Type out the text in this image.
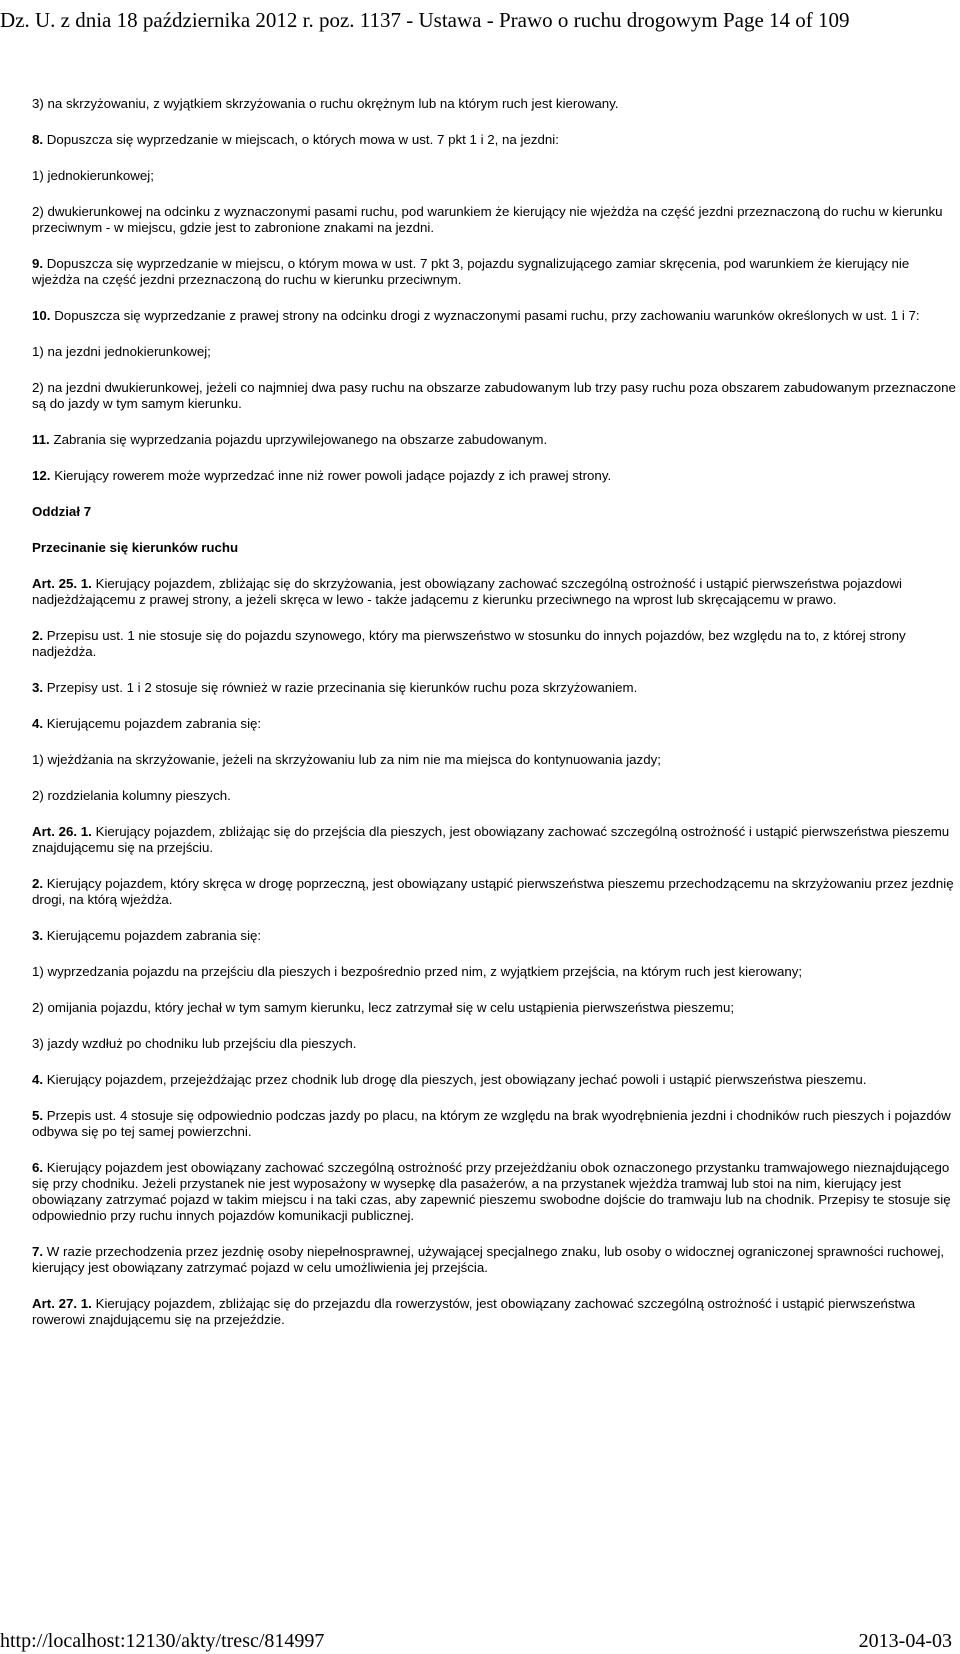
Dz. U. z dnia 18 października 2012 r. poz. 1137 - Ustawa - Prawo o ruchu drogowym Page 14 of 109
3) na skrzyżowaniu, z wyjątkiem skrzyżowania o ruchu okrężnym lub na którym ruch jest kierowany.
8. Dopuszcza się wyprzedzanie w miejscach, o których mowa w ust. 7 pkt 1 i 2, na jezdni:
1) jednokierunkowej;
2) dwukierunkowej na odcinku z wyznaczonymi pasami ruchu, pod warunkiem że kierujący nie wjeżdża na część jezdni przeznaczoną do ruchu w kierunku przeciwnym - w miejscu, gdzie jest to zabronione znakami na jezdni.
9. Dopuszcza się wyprzedzanie w miejscu, o którym mowa w ust. 7 pkt 3, pojazdu sygnalizującego zamiar skręcenia, pod warunkiem że kierujący nie wjeżdża na część jezdni przeznaczoną do ruchu w kierunku przeciwnym.
10. Dopuszcza się wyprzedzanie z prawej strony na odcinku drogi z wyznaczonymi pasami ruchu, przy zachowaniu warunków określonych w ust. 1 i 7:
1) na jezdni jednokierunkowej;
2) na jezdni dwukierunkowej, jeżeli co najmniej dwa pasy ruchu na obszarze zabudowanym lub trzy pasy ruchu poza obszarem zabudowanym przeznaczone są do jazdy w tym samym kierunku.
11. Zabrania się wyprzedzania pojazdu uprzywilejowanego na obszarze zabudowanym.
12. Kierujący rowerem może wyprzedzać inne niż rower powoli jadące pojazdy z ich prawej strony.
Oddział 7
Przecinanie się kierunków ruchu
Art. 25. 1. Kierujący pojazdem, zbliżając się do skrzyżowania, jest obowiązany zachować szczególną ostrożność i ustąpić pierwszeństwa pojazdowi nadjeżdżającemu z prawej strony, a jeżeli skręca w lewo - także jadącemu z kierunku przeciwnego na wprost lub skręcającemu w prawo.
2. Przepisu ust. 1 nie stosuje się do pojazdu szynowego, który ma pierwszeństwo w stosunku do innych pojazdów, bez względu na to, z której strony nadjeżdża.
3. Przepisy ust. 1 i 2 stosuje się również w razie przecinania się kierunków ruchu poza skrzyżowaniem.
4. Kierującemu pojazdem zabrania się:
1) wjeżdżania na skrzyżowanie, jeżeli na skrzyżowaniu lub za nim nie ma miejsca do kontynuowania jazdy;
2) rozdzielania kolumny pieszych.
Art. 26. 1. Kierujący pojazdem, zbliżając się do przejścia dla pieszych, jest obowiązany zachować szczególną ostrożność i ustąpić pierwszeństwa pieszemu znajdującemu się na przejściu.
2. Kierujący pojazdem, który skręca w drogę poprzeczną, jest obowiązany ustąpić pierwszeństwa pieszemu przechodzącemu na skrzyżowaniu przez jezdnię drogi, na którą wjeżdża.
3. Kierującemu pojazdem zabrania się:
1) wyprzedzania pojazdu na przejściu dla pieszych i bezpośrednio przed nim, z wyjątkiem przejścia, na którym ruch jest kierowany;
2) omijania pojazdu, który jechał w tym samym kierunku, lecz zatrzymał się w celu ustąpienia pierwszeństwa pieszemu;
3) jazdy wzdłuż po chodniku lub przejściu dla pieszych.
4. Kierujący pojazdem, przejeżdżając przez chodnik lub drogę dla pieszych, jest obowiązany jechać powoli i ustąpić pierwszeństwa pieszemu.
5. Przepis ust. 4 stosuje się odpowiednio podczas jazdy po placu, na którym ze względu na brak wyodrębnienia jezdni i chodników ruch pieszych i pojazdów odbywa się po tej samej powierzchni.
6. Kierujący pojazdem jest obowiązany zachować szczególną ostrożność przy przejeżdżaniu obok oznaczonego przystanku tramwajowego nieznajdującego się przy chodniku. Jeżeli przystanek nie jest wyposażony w wysepkę dla pasażerów, a na przystanek wjeżdża tramwaj lub stoi na nim, kierujący jest obowiązany zatrzymać pojazd w takim miejscu i na taki czas, aby zapewnić pieszemu swobodne dojście do tramwaju lub na chodnik. Przepisy te stosuje się odpowiednio przy ruchu innych pojazdów komunikacji publicznej.
7. W razie przechodzenia przez jezdnię osoby niepełnosprawnej, używającej specjalnego znaku, lub osoby o widocznej ograniczonej sprawności ruchowej, kierujący jest obowiązany zatrzymać pojazd w celu umożliwienia jej przejścia.
Art. 27. 1. Kierujący pojazdem, zbliżając się do przejazdu dla rowerzystów, jest obowiązany zachować szczególną ostrożność i ustąpić pierwszeństwa rowerowi znajdującemu się na przejeździe.
http://localhost:12130/akty/tresc/814997	2013-04-03
